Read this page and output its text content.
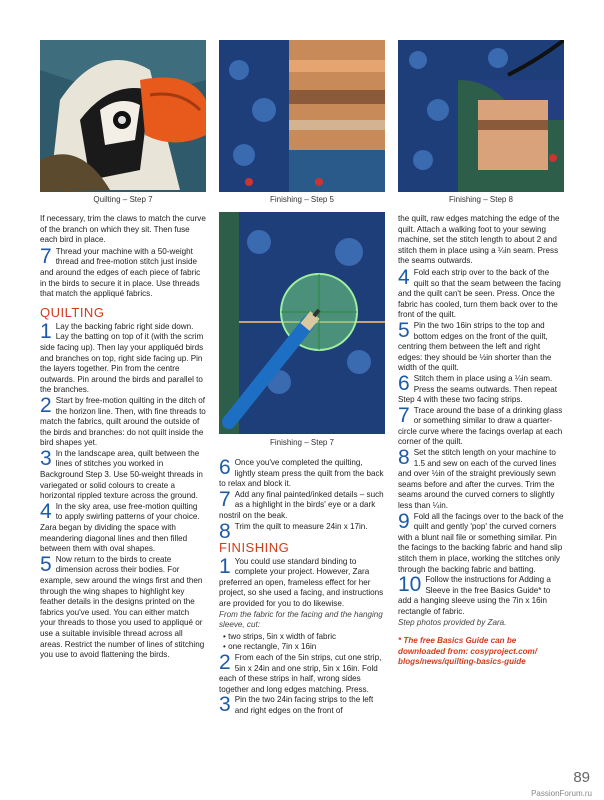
Quilting – Step 7	Finishing – Step 5	Finishing – Step 8
Finishing – Step 7

If necessary, trim the claws to match the curve of the branch on which they sit. Then fuse each bird in place.

7 Thread your machine with a 50-weight thread and free-motion stitch just inside and around the edges of each piece of fabric in the birds to secure it in place. Use threads that match the appliqué fabrics.
QUILTING
1 Lay the backing fabric right side down. Lay the batting on top of it (with the scrim side facing up). Then lay your appliquéd birds and branches on top, right side facing up. Pin the layers together. Pin from the centre outwards. Pin around the birds and parallel to the branches.
2 Start by free-motion quilting in the ditch of the horizon line. Then, with fine threads to match the fabrics, quilt around the outside of the birds and branches: do not quilt inside the bird shapes yet.
3 In the landscape area, quilt between the lines of stitches you worked in Background Step 3. Use 50-weight threads in variegated or solid colours to create a horizontal rippled texture across the ground.
4 In the sky area, use free-motion quilting to apply swirling patterns of your choice. Zara began by dividing the space with meandering diagonal lines and then filled between them with oval shapes.
5 Now return to the birds to create dimension across their bodies. For example, sew around the wings first and then through the wing shapes to highlight key feather details in the designs printed on the fabrics you've used. You can either match your threads to those you used to appliqué or use a suitable invisible thread across all areas. Restrict the number of lines of stitching you use to avoid flattening the birds.
6 Once you've completed the quilting, lightly steam press the quilt from the back to relax and block it.
7 Add any final painted/inked details – such as a highlight in the birds' eye or a dark nostril on the beak.
8 Trim the quilt to measure 24in x 17in.
FINISHING
1 You could use standard binding to complete your project. However, Zara preferred an open, frameless effect for her project, so she used a facing, and instructions are provided for you to do likewise.

From the fabric for the facing and the hanging sleeve, cut:

• two strips, 5in x width of fabric
• one rectangle, 7in x 16in
2 From each of the 5in strips, cut one strip, 5in x 24in and one strip, 5in x 16in. Fold each of these strips in half, wrong sides together and long edges matching. Press.
3 Pin the two 24in facing strips to the left and right edges on the front of

the quilt, raw edges matching the edge of the quilt. Attach a walking foot to your sewing machine, set the stitch length to about 2 and stitch them in place using a ¼in seam. Press the seams outwards.

4 Fold each strip over to the back of the quilt so that the seam between the facing and the quilt can't be seen. Press. Once the fabric has cooled, turn them back over to the front of the quilt.
5 Pin the two 16in strips to the top and bottom edges on the front of the quilt, centring them between the left and right edges: they should be ½in shorter than the width of the quilt.
6 Stitch them in place using a ¼in seam. Press the seams outwards. Then repeat Step 4 with these two facing strips.
7 Trace around the base of a drinking glass or something similar to draw a quarter-circle curve where the facings overlap at each corner of the quilt.
8 Set the stitch length on your machine to 1.5 and sew on each of the curved lines and over ½in of the straight previously sewn seams before and after the curves. Trim the seams around the curved corners to slightly less than ¼in.
9 Fold all the facings over to the back of the quilt and gently 'pop' the curved corners with a blunt nail file or something similar. Pin the facings to the backing fabric and hand slip stitch them in place, working the stitches only through the backing fabric and batting.
10 Follow the instructions for Adding a Sleeve in the free Basics Guide* to add a hanging sleeve using the 7in x 16in rectangle of fabric.

Step photos provided by Zara.

* The free Basics Guide can be downloaded from: cosyproject.com/ blogs/news/quilting-basics-guide

89
PassionForum.ru
